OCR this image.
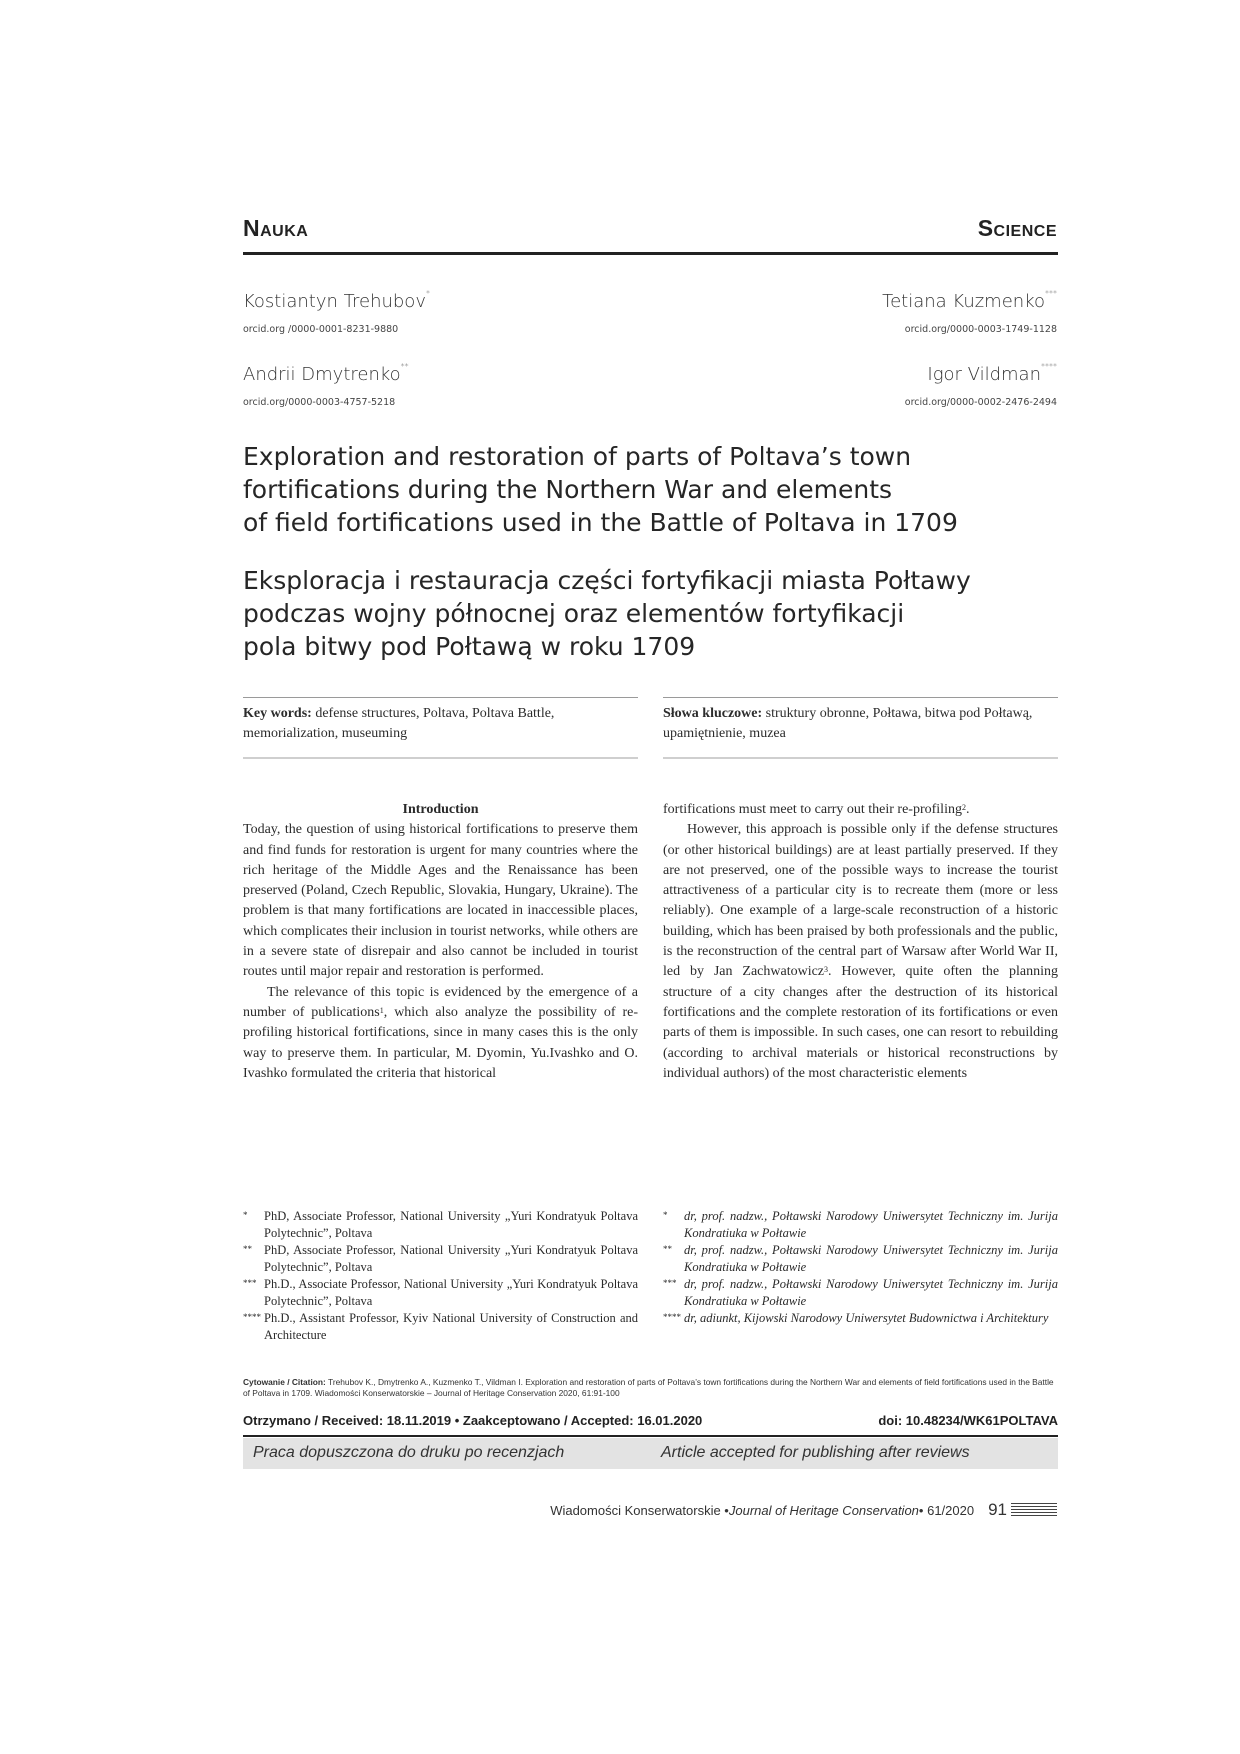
Nauka	Science
Kostiantyn Trehubov*
orcid.org /0000-0001-8231-9880
Andrii Dmytrenko**
orcid.org/0000-0003-4757-5218
Tetiana Kuzmenko***
orcid.org/0000-0003-1749-1128
Igor Vildman****
orcid.org/0000-0002-2476-2494
Exploration and restoration of parts of Poltava’s town
fortifications during the Northern War and elements
of field fortifications used in the Battle of Poltava in 1709
Eksploracja i restauracja części fortyfikacji miasta Połtawy
podczas wojny północnej oraz elementów fortyfikacji
pola bitwy pod Połtawą w roku 1709
Key words: defense structures, Poltava, Poltava Battle, memorialization, museuming
Słowa kluczowe: struktury obronne, Połtawa, bitwa pod Połtawą, upamiętnienie, muzea

Introduction

Today, the question of using historical fortifications to preserve them and find funds for restoration is urgent for many countries where the rich heritage of the Middle Ages and the Renaissance has been preserved (Poland, Czech Republic, Slovakia, Hungary, Ukraine). The problem is that many fortifications are located in inaccessible places, which complicates their inclusion in tourist networks, while others are in a severe state of disrepair and also cannot be included in tourist routes until major repair and restoration is performed.

The relevance of this topic is evidenced by the emergence of a number of publications$^1$, which also analyze the possibility of re-profiling historical fortifications, since in many cases this is the only way to preserve them. In particular, M. Dyomin, Yu.Ivashko and O. Ivashko formulated the criteria that historical

fortifications must meet to carry out their re-profiling$^2$.

However, this approach is possible only if the defense structures (or other historical buildings) are at least partially preserved. If they are not preserved, one of the possible ways to increase the tourist attractiveness of a particular city is to recreate them (more or less reliably). One example of a large-scale reconstruction of a historic building, which has been praised by both professionals and the public, is the reconstruction of the central part of Warsaw after World War II, led by Jan Zachwatowicz$^3$. However, quite often the planning structure of a city changes after the destruction of its historical fortifications and the complete restoration of its fortifications or even parts of them is impossible. In such cases, one can resort to rebuilding (according to archival materials or historical reconstructions by individual authors) of the most characteristic elements

*	PhD, Associate Professor, National University „Yuri Kondratyuk Poltava Polytechnic”, Poltava
** PhD, Associate Professor, National University „Yuri Kondratyuk Poltava Polytechnic”, Poltava
*** Ph.D., Associate Professor, National University „Yuri Kondratyuk Poltava Polytechnic”, Poltava
**** Ph.D., Assistant Professor, Kyiv National University of Construction and Architecture
*	dr, prof. nadzw., Połtawski Narodowy Uniwersytet Techniczny im. Jurija Kondratiuka w Połtawie
** dr, prof. nadzw., Połtawski Narodowy Uniwersytet Techniczny im. Jurija Kondratiuka w Połtawie
*** dr, prof. nadzw., Połtawski Narodowy Uniwersytet Techniczny im. Jurija Kondratiuka w Połtawie
**** dr, adiunkt, Kijowski Narodowy Uniwersytet Budownictwa i Architektury
Cytowanie / Citation: Trehubov K., Dmytrenko A., Kuzmenko T., Vildman I. Exploration and restoration of parts of Poltava’s town fortifications during the Northern War and elements of field fortifications used in the Battle of Poltava in 1709. Wiadomości Konserwatorskie – Journal of Heritage Conservation 2020, 61:91-100
Otrzymano / Received: 18.11.2019 • Zaakceptowano / Accepted: 16.01.2020	doi: 10.48234/WK61POLTAVA
Praca dopuszczona do druku po recenzjach	Article accepted for publishing after reviews
Wiadomości Konserwatorskie • Journal of Heritage Conservation • 61/2020 91
